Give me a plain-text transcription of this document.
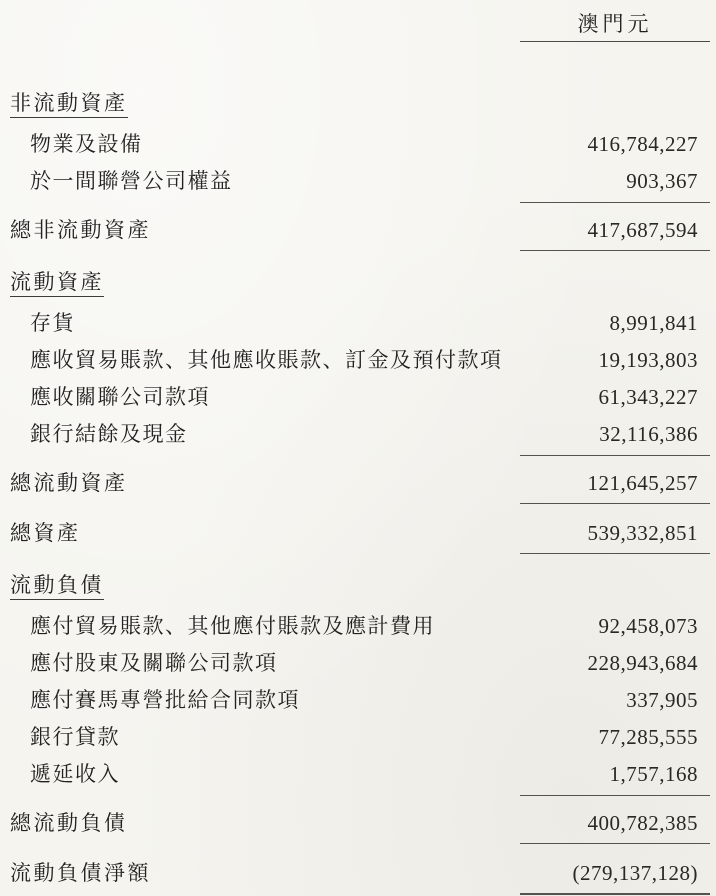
澳門元
非流動資產
物業及設備	416,784,227
於一間聯營公司權益	903,367
總非流動資產	417,687,594
流動資產
存貨	8,991,841
應收貿易賬款、其他應收賬款、訂金及預付款項	19,193,803
應收關聯公司款項	61,343,227
銀行結餘及現金	32,116,386
總流動資產	121,645,257
總資產	539,332,851
流動負債
應付貿易賬款、其他應付賬款及應計費用	92,458,073
應付股東及關聯公司款項	228,943,684
應付賽馬專營批給合同款項	337,905
銀行貸款	77,285,555
遞延收入	1,757,168
總流動負債	400,782,385
流動負債淨額	(279,137,128)
